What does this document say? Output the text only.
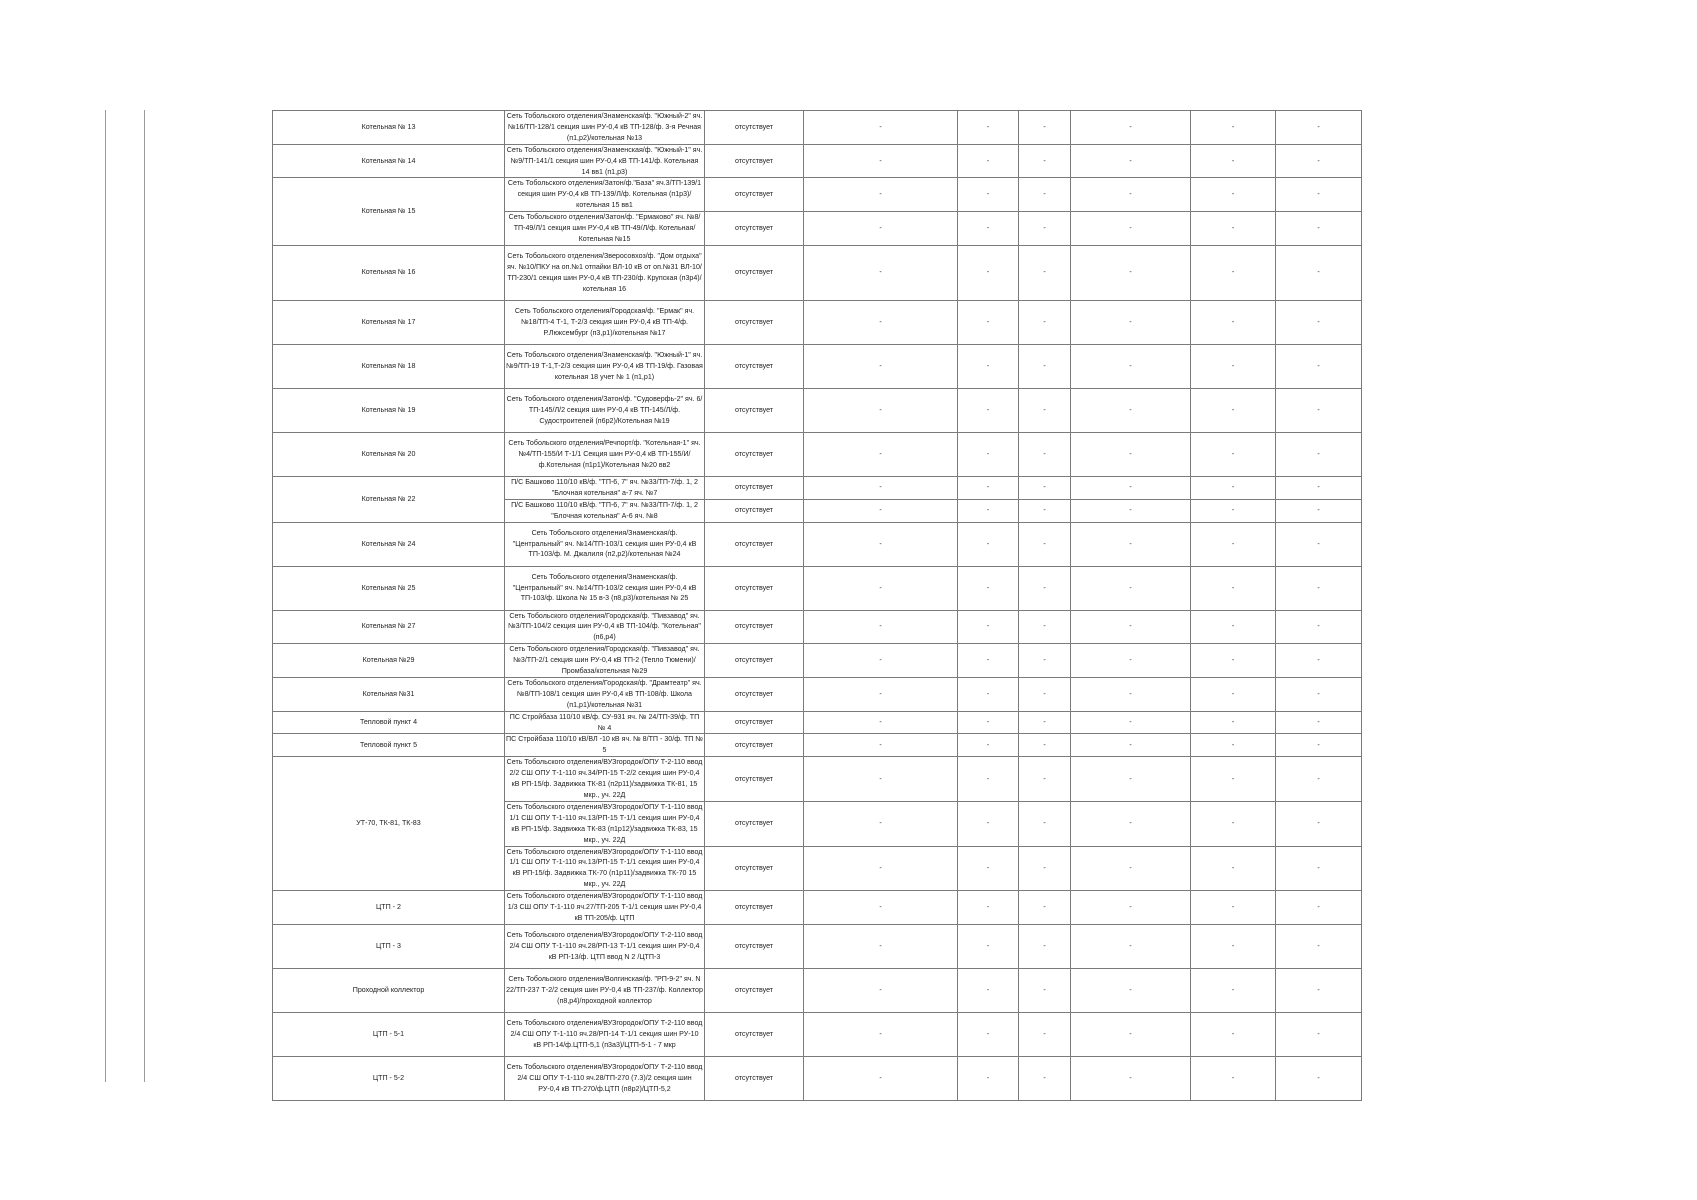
Котельная № 13	Сеть Тобольского отделения/Знаменская/ф. "Южный-2" яч. №16/ТП-128/1 секция шин РУ-0,4 кВ ТП-128/ф. 3-я Речная (п1,р2)/котельная №13	отсутствует	-	-	-	-	-	-
Котельная № 14	Сеть Тобольского отделения/Знаменская/ф. "Южный-1" яч. №9/ТП-141/1 секция шин РУ-0,4 кВ ТП-141/ф. Котельная 14 вв1 (п1,р3)	отсутствует	-	-	-	-	-	-
Котельная № 15	Сеть Тобольского отделения/Затон/ф."База" яч.3/ТП-139/1 секция шин РУ-0,4 кВ ТП-139/Л/ф. Котельная (п1р3)/котельная 15 вв1	отсутствует	-	-	-	-	-	-
	Сеть Тобольского отделения/Затон/ф. "Ермаково" яч. №8/ТП-49/Л/1 секция шин РУ-0,4 кВ ТП-49/Л/ф. Котельная/Котельная №15	отсутствует	-	-	-	-	-	-
Котельная № 16	Сеть Тобольского отделения/Зверосовхоз/ф. "Дом отдыха" яч. №10/ПКУ на оп.№1 отпайки ВЛ-10 кВ от оп.№31 ВЛ-10/ТП-230/1 секция шин РУ-0,4 кВ ТП-230/ф. Крупская (п3р4)/котельная 16	отсутствует	-	-	-	-	-	-
Котельная № 17	Сеть Тобольского отделения/Городская/ф. "Ермак" яч. №18/ТП-4 Т-1, Т-2/3 секция шин РУ-0,4 кВ ТП-4/ф. Р.Люксембург (п3,р1)/котельная №17	отсутствует	-	-	-	-	-	-
Котельная № 18	Сеть Тобольского отделения/Знаменская/ф. "Южный-1" яч. №9/ТП-19 Т-1,Т-2/3 секция шин РУ-0,4 кВ ТП-19/ф. Газовая котельная 18 учет № 1 (п1,р1)	отсутствует	-	-	-	-	-	-
Котельная № 19	Сеть Тобольского отделения/Затон/ф. "Судоверфь-2" яч. 6/ТП-145/Л/2 секция шин РУ-0,4 кВ ТП-145/Л/ф. Судостроителей (п6р2)/Котельная №19	отсутствует	-	-	-	-	-	-
Котельная № 20	Сеть Тобольского отделения/Речпорт/ф. "Котельная-1" яч. №4/ТП-155/И Т-1/1 Секция шин РУ-0,4 кВ ТП-155/И/ф.Котельная (п1р1)/Котельная №20 вв2	отсутствует	-	-	-	-	-	-
Котельная № 22	П/С Башково 110/10 кВ/ф. "ТП-6, 7" яч. №33/ТП-7/ф. 1, 2 "Блочная котельная" а-7 яч. №7	отсутствует	-	-	-	-	-	-
	П/С Башково 110/10 кВ/ф. "ТП-6, 7" яч. №33/ТП-7/ф. 1, 2 "Блочная котельная" А-6 яч. №8	отсутствует	-	-	-	-	-	-
Котельная № 24	Сеть Тобольского отделения/Знаменская/ф. "Центральный" яч. №14/ТП-103/1 секция шин РУ-0,4 кВ ТП-103/ф. М. Джалиля (п2,р2)/котельная №24	отсутствует	-	-	-	-	-	-
Котельная № 25	Сеть Тобольского отделения/Знаменская/ф. "Центральный" яч. №14/ТП-103/2 секция шин РУ-0,4 кВ ТП-103/ф. Школа № 15 в-3 (п8,р3)/котельная № 25	отсутствует	-	-	-	-	-	-
Котельная № 27	Сеть Тобольского отделения/Городская/ф. "Пивзавод" яч. №3/ТП-104/2 секция шин РУ-0,4 кВ ТП-104/ф. "Котельная" (п6,р4)	отсутствует	-	-	-	-	-	-
Котельная №29	Сеть Тобольского отделения/Городская/ф. "Пивзавод" яч. №3/ТП-2/1 секция шин РУ-0,4 кВ ТП-2 (Тепло Тюмени)/Промбаза/котельная №29	отсутствует	-	-	-	-	-	-
Котельная №31	Сеть Тобольского отделения/Городская/ф. "Драмтеатр" яч. №8/ТП-108/1 секция шин РУ-0,4 кВ ТП-108/ф. Школа (п1,р1)/котельная №31	отсутствует	-	-	-	-	-	-
Тепловой пункт 4	ПС Стройбаза 110/10 кВ/ф. СУ-931 яч. № 24/ТП-39/ф. ТП № 4	отсутствует	-	-	-	-	-	-
Тепловой пункт 5	ПС Стройбаза 110/10 кВ/ВЛ -10 кВ яч. № 8/ТП - 30/ф. ТП № 5	отсутствует	-	-	-	-	-	-
УТ-70, ТК-81, ТК-83	Сеть Тобольского отделения/ВУЗгородок/ОПУ Т-2-110 ввод 2/2 СШ ОПУ Т-1-110 яч.34/РП-15 Т-2/2 секция шин РУ-0,4 кВ РП-15/ф. Задвижка ТК-81 (п2р11)/задвижка ТК-81, 15 мкр., уч. 22Д	отсутствует	-	-	-	-	-	-
	Сеть Тобольского отделения/ВУЗгородок/ОПУ Т-1-110 ввод 1/1 СШ ОПУ Т-1-110 яч.13/РП-15 Т-1/1 секция шин РУ-0,4 кВ РП-15/ф. Задвижка ТК-83 (п1р12)/задвижка ТК-83, 15 мкр., уч. 22Д	отсутствует	-	-	-	-	-	-
	Сеть Тобольского отделения/ВУЗгородок/ОПУ Т-1-110 ввод 1/1 СШ ОПУ Т-1-110 яч.13/РП-15 Т-1/1 секция шин РУ-0,4 кВ РП-15/ф. Задвижка ТК-70 (п1р11)/задвижка ТК-70 15 мкр., уч. 22Д	отсутствует	-	-	-	-	-	-
ЦТП - 2	Сеть Тобольского отделения/ВУЗгородок/ОПУ Т-1-110 ввод 1/3 СШ ОПУ Т-1-110 яч.27/ТП-205 Т-1/1 секция шин РУ-0,4 кВ ТП-205/ф. ЦТП	отсутствует	-	-	-	-	-	-
ЦТП - 3	Сеть Тобольского отделения/ВУЗгородок/ОПУ Т-2-110 ввод 2/4 СШ ОПУ Т-1-110 яч.28/РП-13 Т-1/1 секция шин РУ-0,4 кВ РП-13/ф. ЦТП ввод N 2 /ЦТП-3	отсутствует	-	-	-	-	-	-
Проходной коллектор	Сеть Тобольского отделения/Волгинская/ф. "РП-9-2" яч. N 22/ТП-237 Т-2/2 секция шин РУ-0,4 кВ ТП-237/ф. Коллектор (п8,р4)/проходной коллектор	отсутствует	-	-	-	-	-	-
ЦТП - 5-1	Сеть Тобольского отделения/ВУЗгородок/ОПУ Т-2-110 ввод 2/4 СШ ОПУ Т-1-110 яч.28/РП-14 Т-1/1 секция шин РУ-10 кВ РП-14/ф.ЦТП-5,1 (п3а3)/ЦТП-5-1 - 7 мкр	отсутствует	-	-	-	-	-	-
ЦТП - 5-2	Сеть Тобольского отделения/ВУЗгородок/ОПУ Т-2-110 ввод 2/4 СШ ОПУ Т-1-110 яч.28/ТП-270 (7.3)/2 секция шин РУ-0,4 кВ ТП-270/ф.ЦТП (п8р2)/ЦТП-5,2	отсутствует	-	-	-	-	-	-
